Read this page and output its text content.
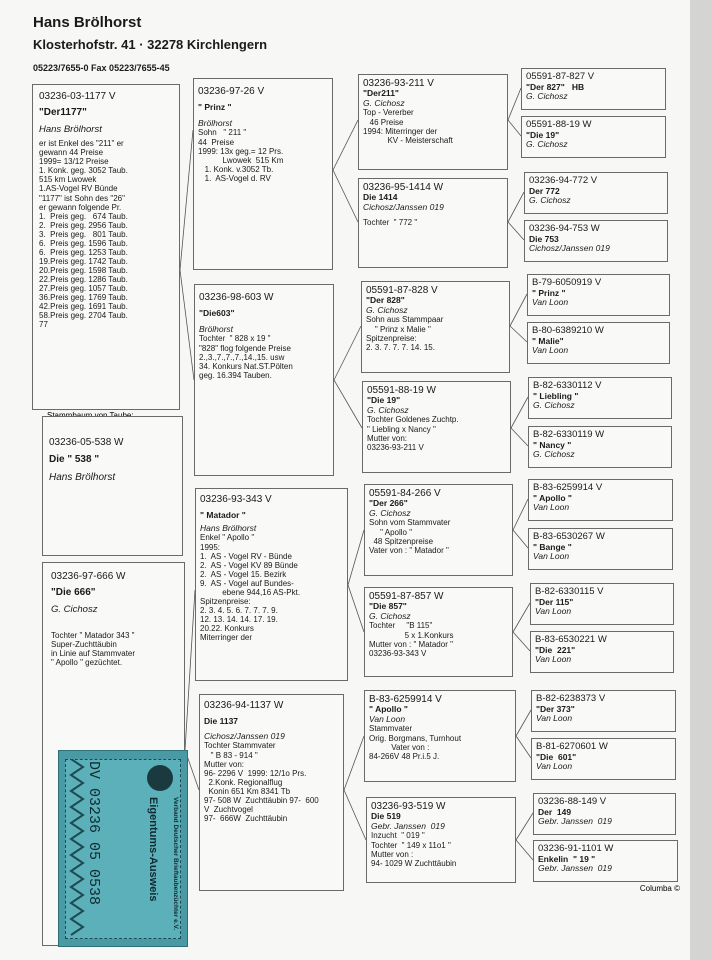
Hans Brölhorst
Klosterhofstr. 41 · 32278 Kirchlengern
05223/7655-0 Fax 05223/7655-45
03236-03-1177 V
"Der1177"
Hans Brölhorst
er ist Enkel des "211" er
gewann 44 Preise
1999= 13/12 Preise
1. Konk. geg. 3052 Taub.
515 km Lwowek
1.AS-Vogel RV Bünde
"1177" ist Sohn des "26"
er gewann folgende Pr.
1.  Preis geg.   674 Taub.
2.  Preis geg. 2956 Taub.
3.  Preis geg.   801 Taub.
6.  Preis geg. 1596 Taub.
6.  Preis geg. 1253 Taub.
19.Preis geg. 1742 Taub.
20.Preis geg. 1598 Taub.
22.Preis geg. 1286 Taub.
27.Preis geg. 1057 Taub.
36.Preis geg. 1769 Taub.
42.Preis geg. 1691 Taub.
58.Preis geg. 2704 Taub.
77
03236-05-538 W
Die " 538 "
Hans Brölhorst
03236-97-666 W
"Die 666"
G. Cichosz
Tochter " Matador 343 "
Super-Zuchttäubin
in Linie auf Stammvater
" Apollo " gezüchtet.
03236-97-26 V
" Prinz "
Brölhorst
Sohn   " 211 "
44  Preise
1999: 13x geg.= 12 Prs.
Lwowek  515 Km
1. Konk. v.3052 Tb.
1.  AS-Vogel d. RV
03236-98-603 W
"Die603"
Brölhorst
Tochter  " 828 x 19 "
"828" flog folgende Preise
2.,3.,7.,7.,7.,14.,15. usw
34. Konkurs Nat.ST.Pölten
geg. 16.394 Tauben.
03236-93-343 V
" Matador "
Hans Brölhorst
Enkel " Apollo "
1995:
1.  AS - Vogel RV - Bünde
2.  AS - Vogel KV 89 Bünde
2.  AS - Vogel 15. Bezirk
9.  AS - Vogel auf Bundes-
ebene 944,16 AS-Pkt.
Spitzenpreise:
2. 3. 4. 5. 6. 7. 7. 7. 9.
12. 13. 14. 14. 17. 19.
20.22. Konkurs
Miterringer der
03236-94-1137 W
Die 1137
Cichosz/Janssen 019
Tochter Stammvater
" B 83 - 914 "
Mutter von:
96- 2296 V  1999: 12/1o Prs.
2.Konk. Regionalflug
Konin 651 Km 8341 Tb
97- 508 W  Zuchttäubin 97-  600
V  Zuchtvogel
97-  666W  Zuchttäubin
03236-93-211 V
"Der211"
G. Cichosz
Top - Vererber
46 Preise
1994: Miterringer der
KV - Meisterschaft
03236-95-1414 W
Die 1414
Cichosz/Janssen 019
Tochter  " 772 "
05591-87-828 V
"Der 828"
G. Cichosz
Sohn aus Stammpaar
" Prinz x Malie "
Spitzenpreise:
2. 3. 7. 7. 7. 14. 15.
05591-88-19 W
"Die 19"
G. Cichosz
Tochter Goldenes Zuchtp.
" Liebling x Nancy "
Mutter von:
03236-93-211 V
05591-84-266 V
"Der 266"
G. Cichosz
Sohn vom Stammvater
" Apollo "
48 Spitzenpreise
Vater von : " Matador "
05591-87-857 W
"Die 857"
G. Cichosz
Tochter     "B 115"
5 x 1.Konkurs
Mutter von : " Matador "
03236-93-343 V
B-83-6259914 V
" Apollo "
Van Loon
Stammvater
Orig. Borgmans, Turnhout
Vater von :
84-266V 48 Pr.i.5 J.
03236-93-519 W
Die 519
Gebr. Janssen  019
Inzucht  " 019 "
Tochter  " 149 x 11o1 "
Mutter von :
94- 1029 W Zuchttäubin
05591-87-827 V
"Der 827"   HB
G. Cichosz
05591-88-19 W
"Die 19"
G. Cichosz
03236-94-772 V
Der 772
G. Cichosz
03236-94-753 W
Die 753
Cichosz/Janssen 019
B-79-6050919 V
" Prinz "
Van Loon
B-80-6389210 W
" Malie"
Van Loon
B-82-6330112 V
" Liebling "
G. Cichosz
B-82-6330119 W
" Nancy "
G. Cichosz
B-83-6259914 V
" Apollo "
Van Loon
B-83-6530267 W
" Bange "
Van Loon
B-82-6330115 V
"Der 115"
Van Loon
B-83-6530221 W
"Die  221"
Van Loon
B-82-6238373 V
"Der 373"
Van Loon
B-81-6270601 W
"Die  601"
Van Loon
03236-88-149 V
Der  149
Gebr. Janssen  019
03236-91-1101 W
Enkelin  " 19 "
Gebr. Janssen  019
Verband Deutscher Brieftaubenzüchter e.V.
Eigentums-Ausweis
DV 03236 05 0538	Columba ©
